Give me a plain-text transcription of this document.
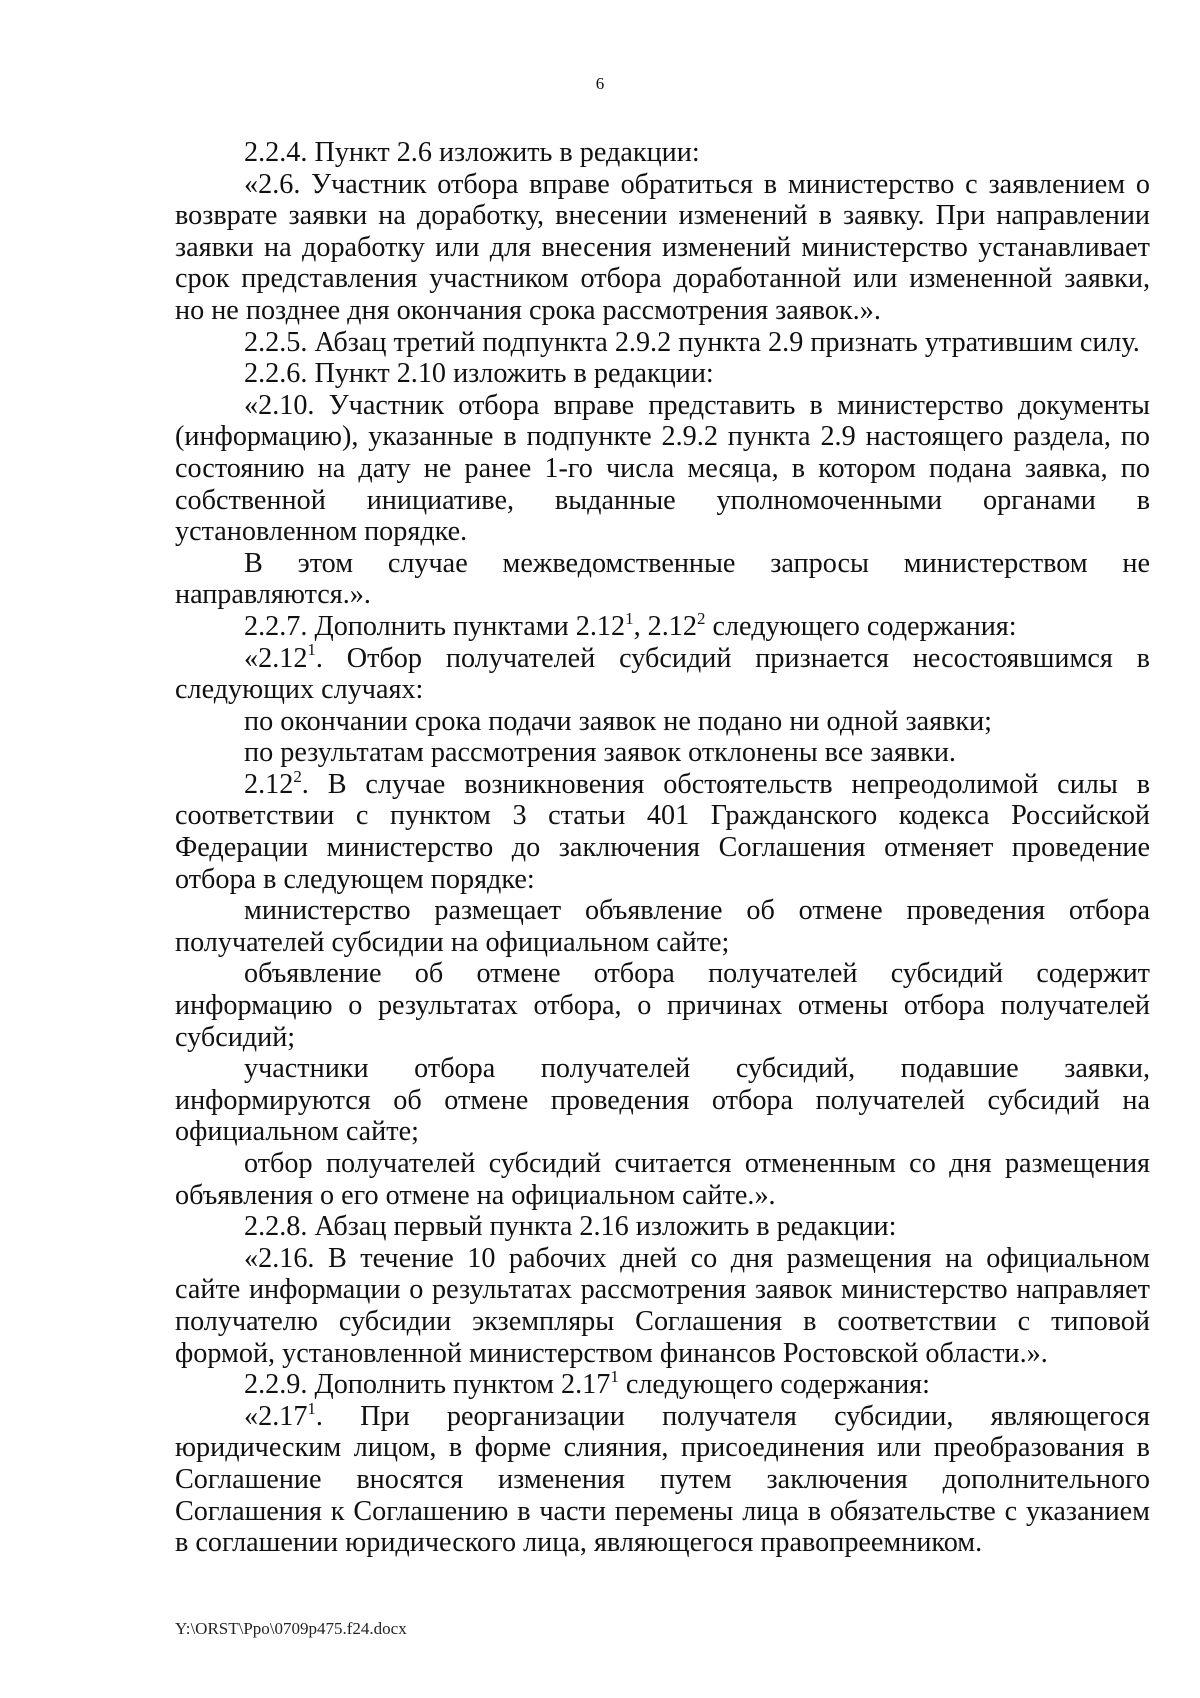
6

2.2.4. Пункт 2.6 изложить в редакции:

«2.6. Участник отбора вправе обратиться в министерство с заявлением о возврате заявки на доработку, внесении изменений в заявку. При направлении заявки на доработку или для внесения изменений министерство устанавливает срок представления участником отбора доработанной или измененной заявки, но не позднее дня окончания срока рассмотрения заявок.».

2.2.5. Абзац третий подпункта 2.9.2 пункта 2.9 признать утратившим силу.

2.2.6. Пункт 2.10 изложить в редакции:

«2.10. Участник отбора вправе представить в министерство документы (информацию), указанные в подпункте 2.9.2 пункта 2.9 настоящего раздела, по состоянию на дату не ранее 1-го числа месяца, в котором подана заявка, по собственной инициативе, выданные уполномоченными органами в установленном порядке.

В этом случае межведомственные запросы министерством не направляются.».

2.2.7. Дополнить пунктами 2.12$^1$, 2.12$^2$ следующего содержания:

«2.12$^1$. Отбор получателей субсидий признается несостоявшимся в следующих случаях:

по окончании срока подачи заявок не подано ни одной заявки;

по результатам рассмотрения заявок отклонены все заявки.

2.12$^2$. В случае возникновения обстоятельств непреодолимой силы в соответствии с пунктом 3 статьи 401 Гражданского кодекса Российской Федерации министерство до заключения Соглашения отменяет проведение отбора в следующем порядке:

министерство размещает объявление об отмене проведения отбора получателей субсидии на официальном сайте;

объявление об отмене отбора получателей субсидий содержит информацию о результатах отбора, о причинах отмены отбора получателей субсидий;

участники отбора получателей субсидий, подавшие заявки, информируются об отмене проведения отбора получателей субсидий на официальном сайте;

отбор получателей субсидий считается отмененным со дня размещения объявления о его отмене на официальном сайте.».

2.2.8. Абзац первый пункта 2.16 изложить в редакции:

«2.16. В течение 10 рабочих дней со дня размещения на официальном сайте информации о результатах рассмотрения заявок министерство направляет получателю субсидии экземпляры Соглашения в соответствии с типовой формой, установленной министерством финансов Ростовской области.».

2.2.9. Дополнить пунктом 2.17$^1$ следующего содержания:

«2.17$^1$. При реорганизации получателя субсидии, являющегося юридическим лицом, в форме слияния, присоединения или преобразования в Соглашение вносятся изменения путем заключения дополнительного Соглашения к Соглашению в части перемены лица в обязательстве с указанием в соглашении юридического лица, являющегося правопреемником.

Y:\ORST\Ppo\0709p475.f24.docx
